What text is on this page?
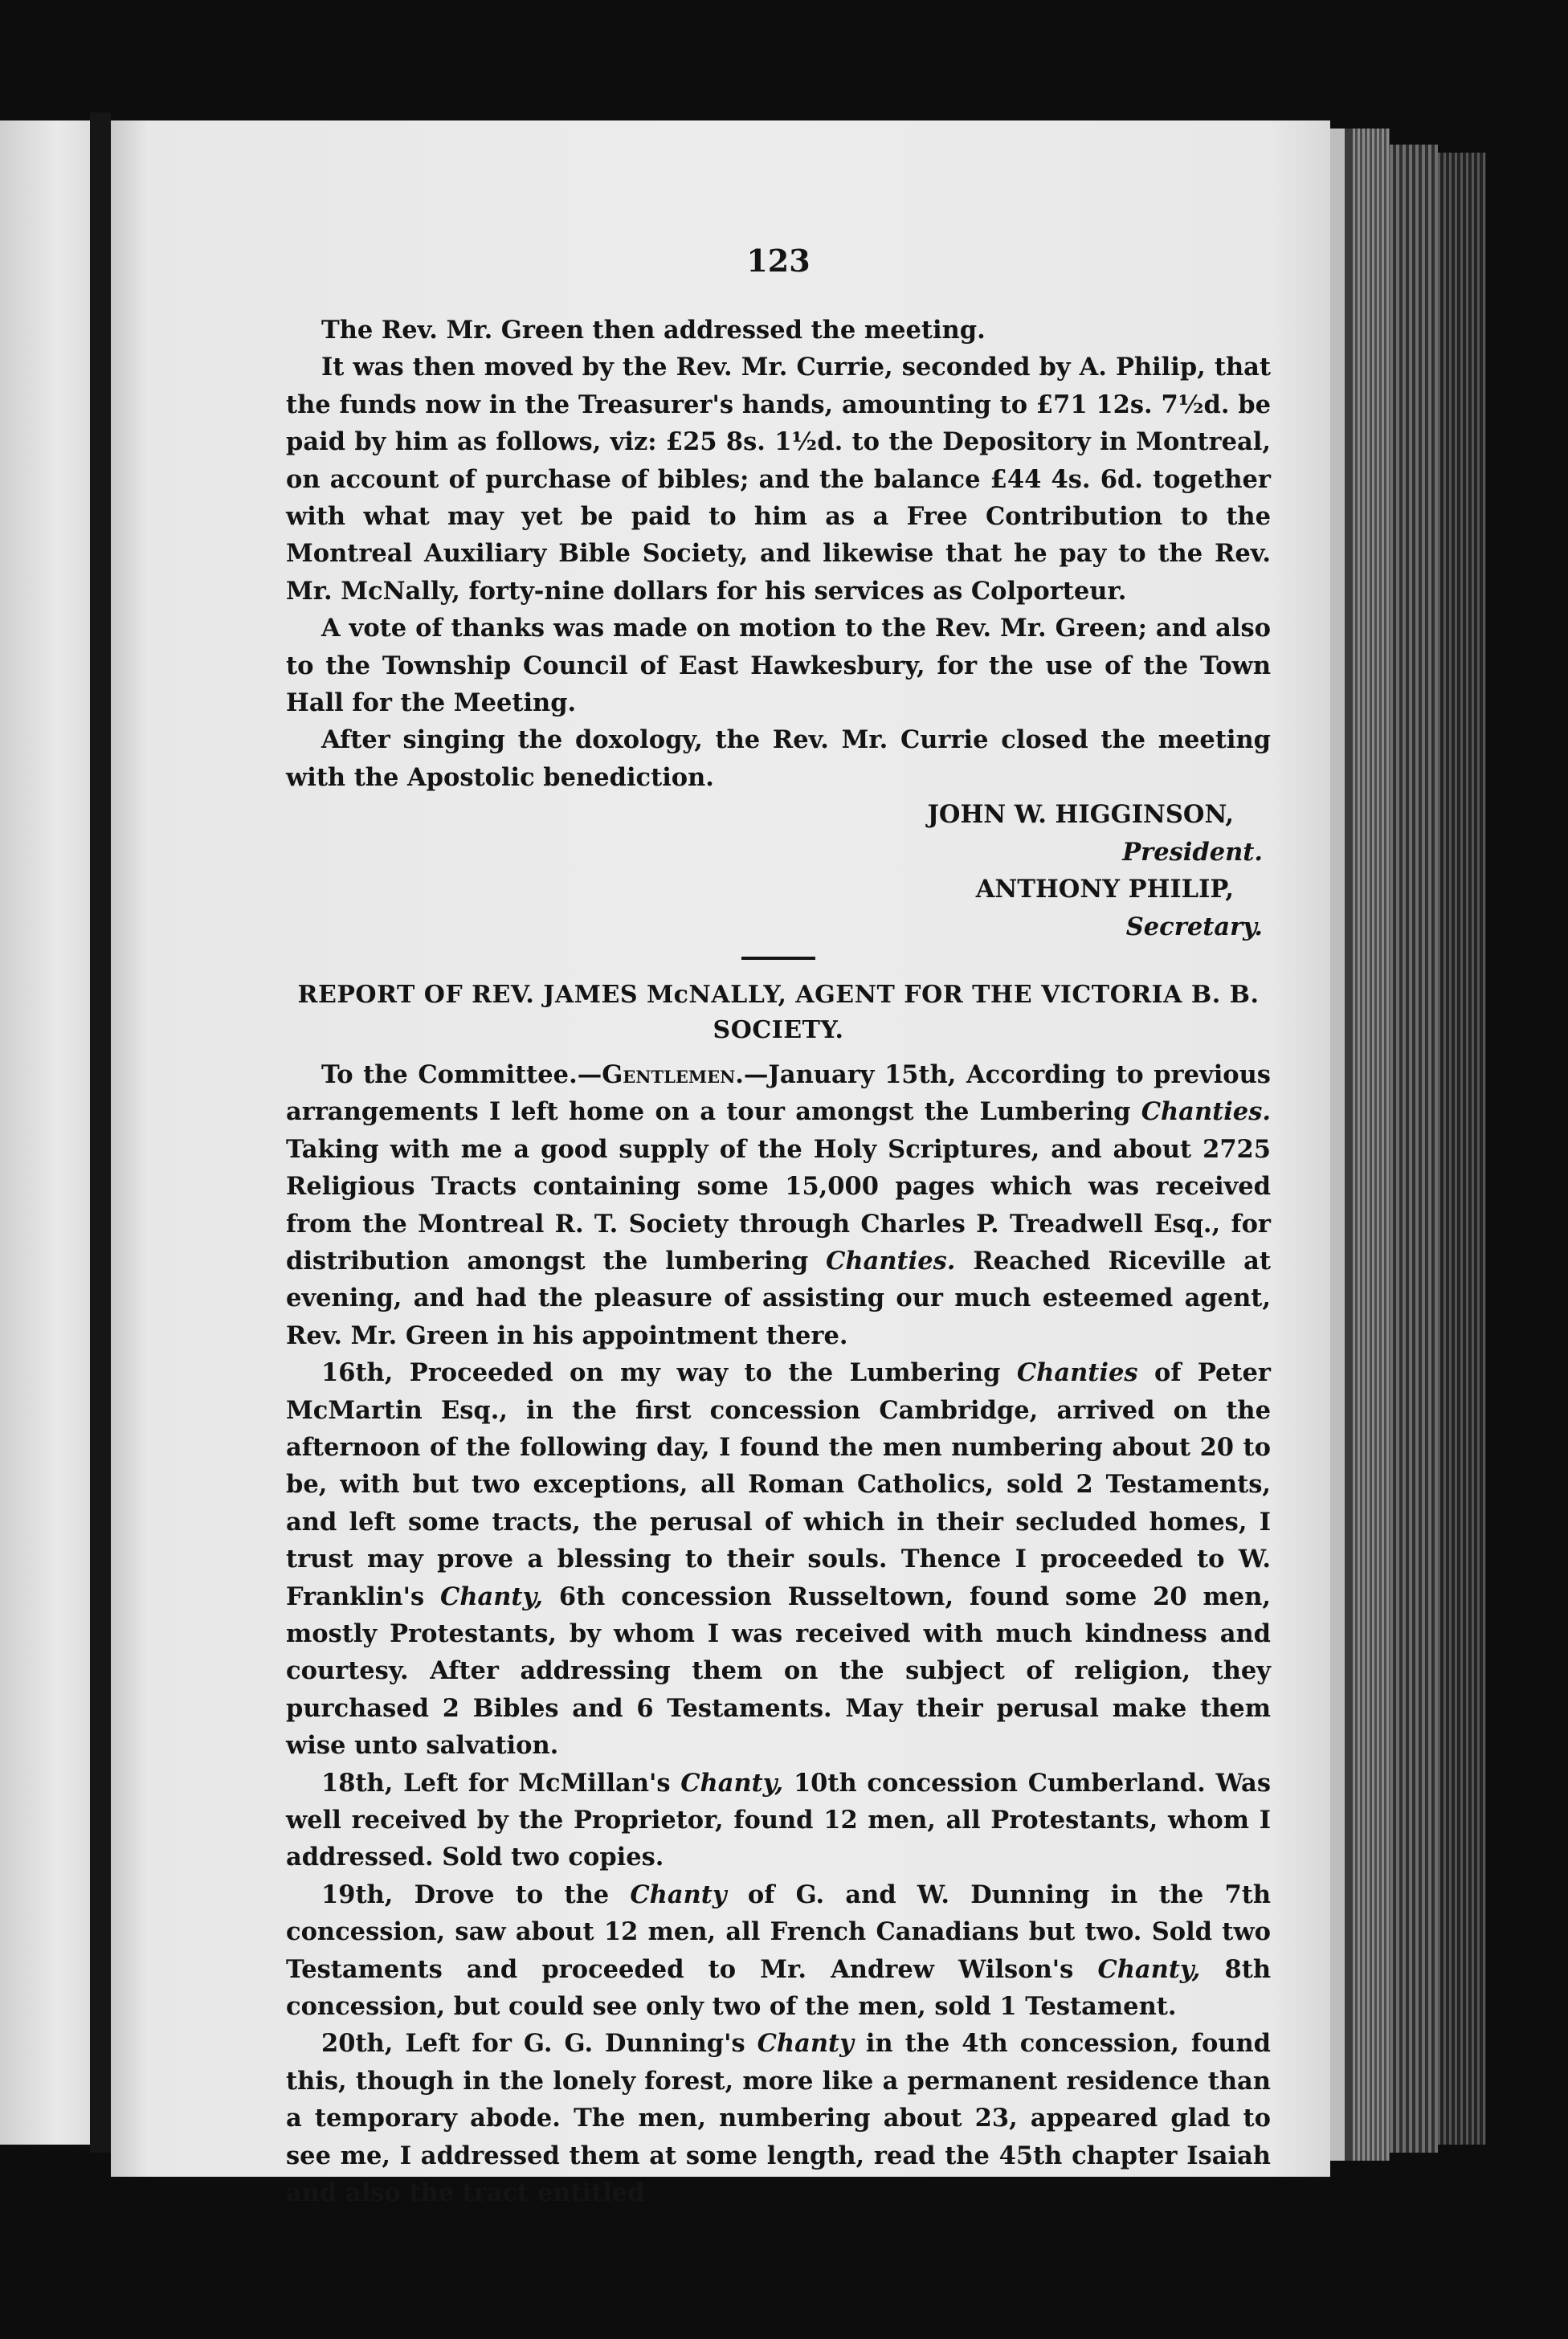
123

The Rev. Mr. Green then addressed the meeting.

It was then moved by the Rev. Mr. Currie, seconded by A. Philip, that the funds now in the Treasurer's hands, amounting to £71 12s. 7½d. be paid by him as follows, viz: £25 8s. 1½d. to the Depository in Montreal, on account of purchase of bibles; and the balance £44 4s. 6d. together with what may yet be paid to him as a Free Contribution to the Montreal Auxiliary Bible Society, and likewise that he pay to the Rev. Mr. McNally, forty-nine dollars for his services as Colporteur.

A vote of thanks was made on motion to the Rev. Mr. Green; and also to the Township Council of East Hawkesbury, for the use of the Town Hall for the Meeting.

After singing the doxology, the Rev. Mr. Currie closed the meeting with the Apostolic benediction.

JOHN W. HIGGINSON,
President.
ANTHONY PHILIP,
Secretary.
REPORT OF REV. JAMES McNALLY, AGENT FOR THE VICTORIA B. B. SOCIETY.

To the Committee.—Gentlemen.—January 15th, According to previous arrangements I left home on a tour amongst the Lumbering Chanties. Taking with me a good supply of the Holy Scriptures, and about 2725 Religious Tracts containing some 15,000 pages which was received from the Montreal R. T. Society through Charles P. Treadwell Esq., for distribution amongst the lumbering Chanties. Reached Riceville at evening, and had the pleasure of assisting our much esteemed agent, Rev. Mr. Green in his appointment there.

16th, Proceeded on my way to the Lumbering Chanties of Peter McMartin Esq., in the first concession Cambridge, arrived on the afternoon of the following day, I found the men numbering about 20 to be, with but two exceptions, all Roman Catholics, sold 2 Testaments, and left some tracts, the perusal of which in their secluded homes, I trust may prove a blessing to their souls. Thence I proceeded to W. Franklin's Chanty, 6th concession Russeltown, found some 20 men, mostly Protestants, by whom I was received with much kindness and courtesy. After addressing them on the subject of religion, they purchased 2 Bibles and 6 Testaments. May their perusal make them wise unto salvation.

18th, Left for McMillan's Chanty, 10th concession Cumberland. Was well received by the Proprietor, found 12 men, all Protestants, whom I addressed. Sold two copies.

19th, Drove to the Chanty of G. and W. Dunning in the 7th concession, saw about 12 men, all French Canadians but two. Sold two Testaments and proceeded to Mr. Andrew Wilson's Chanty, 8th concession, but could see only two of the men, sold 1 Testament.

20th, Left for G. G. Dunning's Chanty in the 4th concession, found this, though in the lonely forest, more like a permanent residence than a temporary abode. The men, numbering about 23, appeared glad to see me, I addressed them at some length, read the 45th chapter Isaiah and also the tract entitled
